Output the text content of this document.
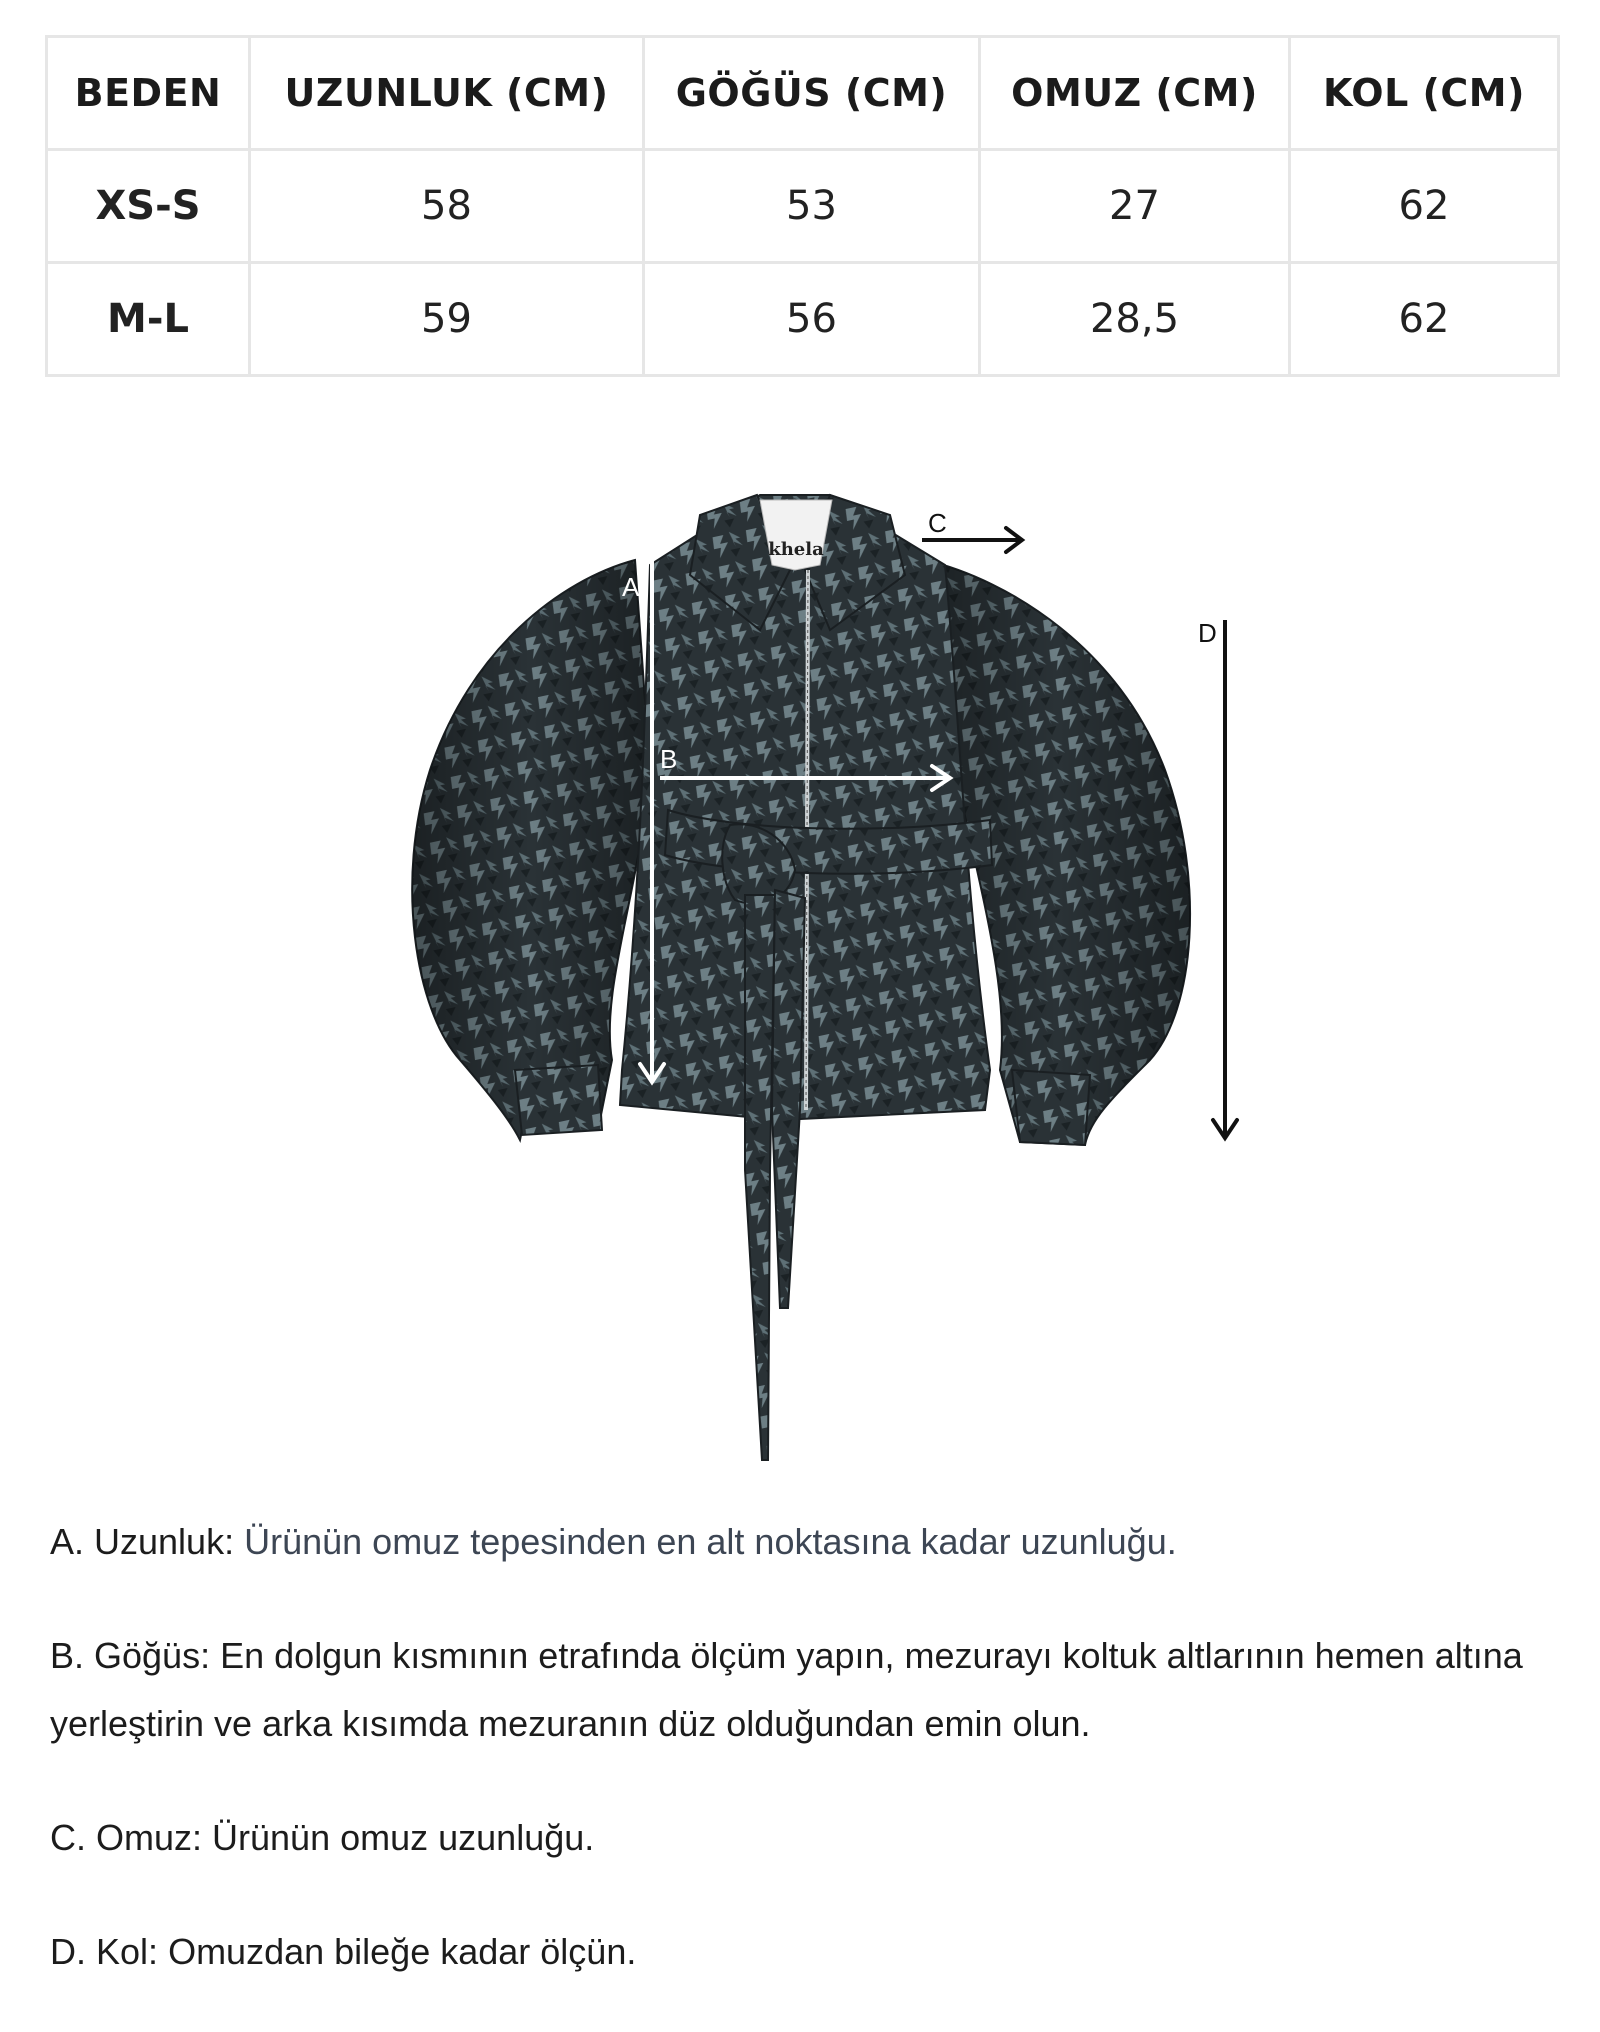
BEDEN	UZUNLUK (CM)	GÖĞÜS (CM)	OMUZ (CM)	KOL (CM)
XS-S	58	53	27	62
M-L	59	56	28,5	62
khela
A
B
C
D

A. Uzunluk: Ürünün omuz tepesinden en alt noktasına kadar uzunluğu.

B. Göğüs: En dolgun kısmının etrafında ölçüm yapın, mezurayı koltuk altlarının hemen altına yerleştirin ve arka kısımda mezuranın düz olduğundan emin olun.

C. Omuz: Ürünün omuz uzunluğu.

D. Kol: Omuzdan bileğe kadar ölçün.
